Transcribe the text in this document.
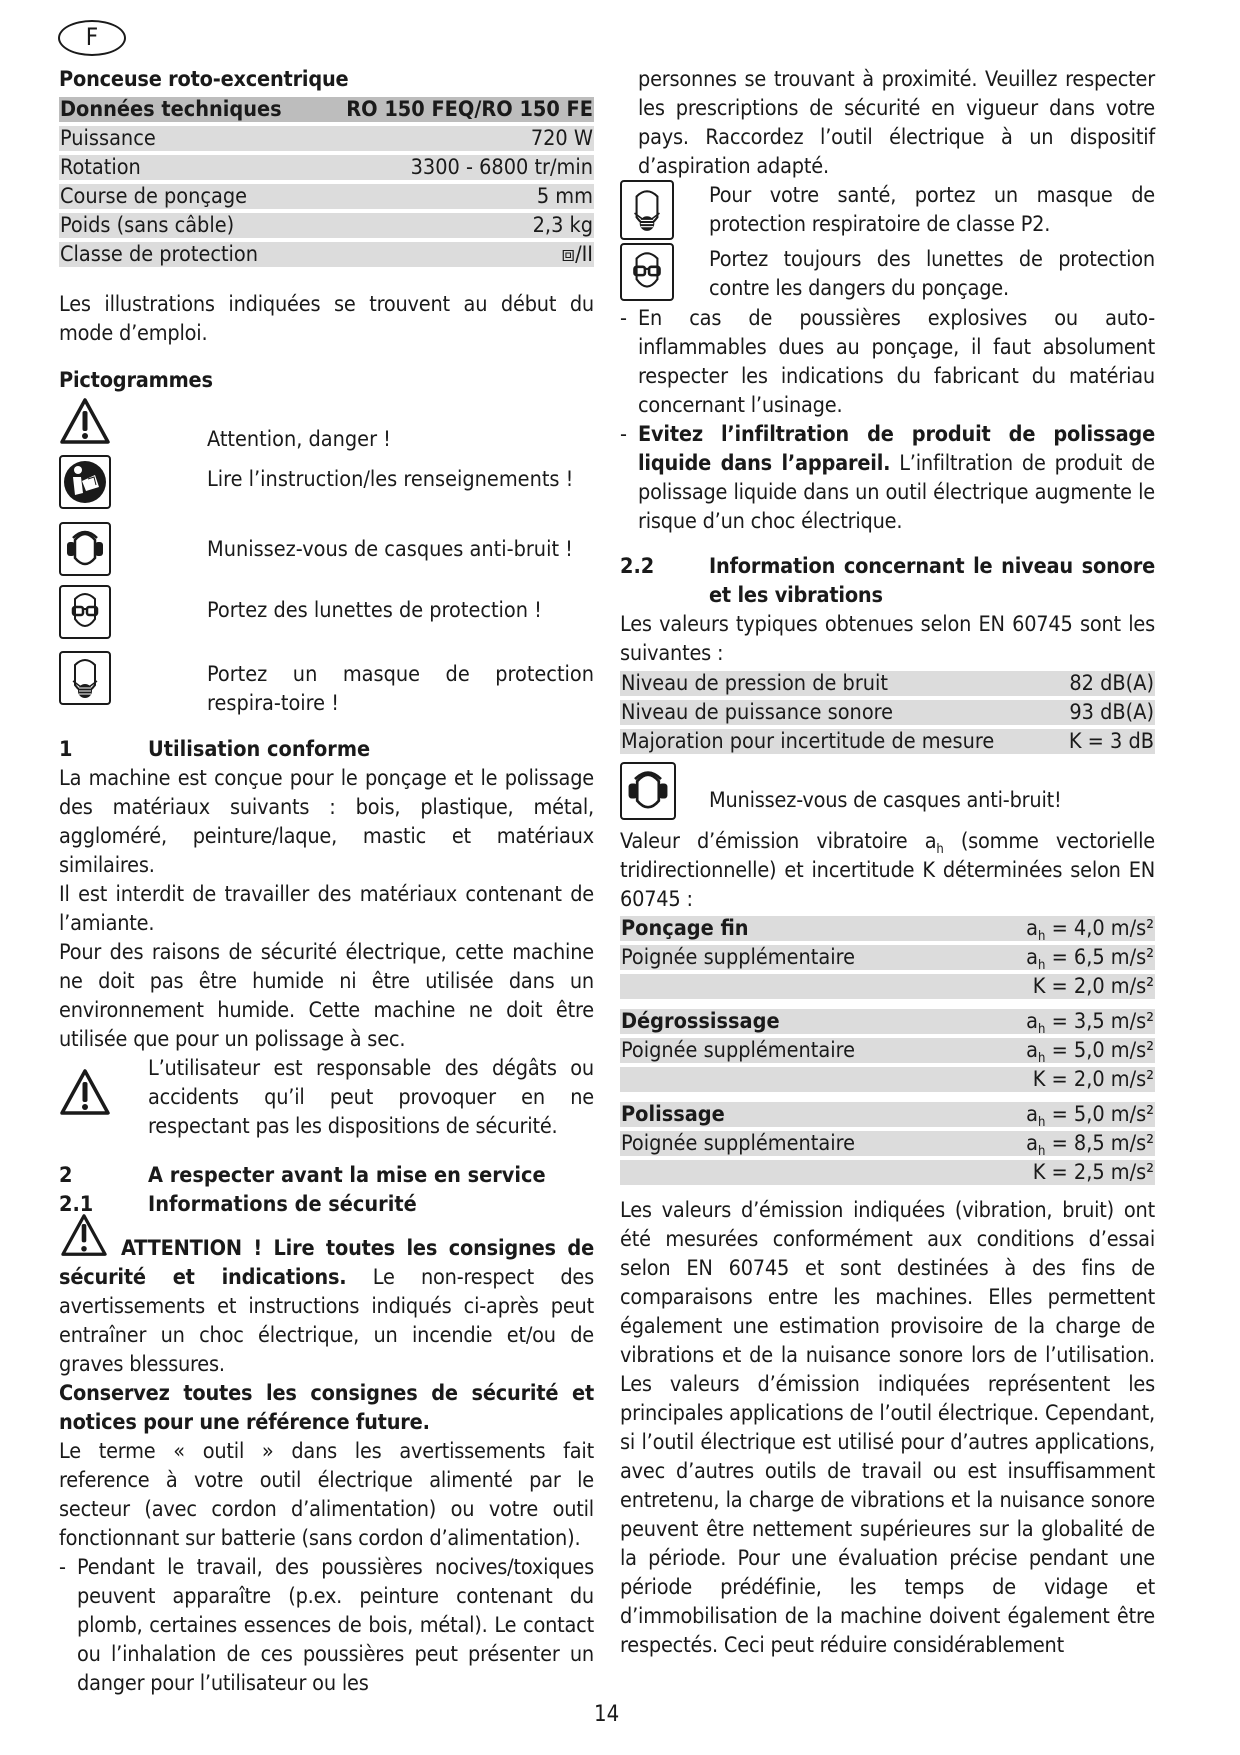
F
Ponceuse roto-excentrique
Données techniques	RO 150 FEQ/RO 150 FE
Puissance	720 W
Rotation	3300 - 6800 tr/min
Course de ponçage	5 mm
Poids (sans câble)	2,3 kg
Classe de protection	⧈/II

Les illustrations indiquées se trouvent au début du mode d’emploi.

Pictogrammes
Attention, danger !
Lire l’instruction/les renseignements !
Munissez-vous de casques anti-bruit !
Portez des lunettes de protection !
Portez un masque de protection respira-toire !
1	Utilisation conforme

La machine est conçue pour le ponçage et le polissage des matériaux suivants : bois, plastique, métal, aggloméré, peinture/laque, mastic et matériaux similaires.

Il est interdit de travailler des matériaux contenant de l’amiante.

Pour des raisons de sécurité électrique, cette machine ne doit pas être humide ni être utilisée dans un environnement humide. Cette machine ne doit être utilisée que pour un polissage à sec.

L’utilisateur est responsable des dégâts ou accidents qu’il peut provoquer en ne respectant pas les dispositions de sécurité.

2	A respecter avant la mise en service
2.1	Informations de sécurité

ATTENTION ! Lire toutes les consignes de sécurité et indications. Le non-respect des avertissements et instructions indiqués ci-après peut entraîner un choc électrique, un incendie et/ou de graves blessures.

Conservez toutes les consignes de sécurité et notices pour une référence future.

Le terme « outil » dans les avertissements fait reference à votre outil électrique alimenté par le secteur (avec cordon d’alimentation) ou votre outil fonctionnant sur batterie (sans cordon d’alimentation).

- Pendant le travail, des poussières nocives/toxiques peuvent apparaître (p.ex. peinture contenant du plomb, certaines essences de bois, métal). Le contact ou l’inhalation de ces poussières peut présenter un danger pour l’utilisateur ou les

personnes se trouvant à proximité. Veuillez respecter les prescriptions de sécurité en vigueur dans votre pays. Raccordez l’outil électrique à un dispositif d’aspiration adapté.

Pour votre santé, portez un masque de protection respiratoire de classe P2.

Portez toujours des lunettes de protection contre les dangers du ponçage.

- En cas de poussières explosives ou auto-inflammables dues au ponçage, il faut absolument respecter les indications du fabricant du matériau concernant l’usinage.

- Evitez l’infiltration de produit de polissage liquide dans l’appareil. L’infiltration de produit de polissage liquide dans un outil électrique augmente le risque d’un choc électrique.

2.2	Information concernant le niveau sonore et les vibrations

Les valeurs typiques obtenues selon EN 60745 sont les suivantes :

Niveau de pression de bruit	82 dB(A)
Niveau de puissance sonore	93 dB(A)
Majoration pour incertitude de mesure	K = 3 dB

Munissez-vous de casques anti-bruit!

Valeur d’émission vibratoire $a_h$ (somme vectorielle tridirectionnelle) et incertitude K déterminées selon EN 60745 :

Ponçage fin	$a_h = 4,0$ m/s²
Poignée supplémentaire	$a_h = 6,5$ m/s²
K = 2,0 m/s²
Dégrossissage	$a_h = 3,5$ m/s²
Poignée supplémentaire	$a_h = 5,0$ m/s²
K = 2,0 m/s²
Polissage	$a_h = 5,0$ m/s²
Poignée supplémentaire	$a_h = 8,5$ m/s²
K = 2,5 m/s²

Les valeurs d’émission indiquées (vibration, bruit) ont été mesurées conformément aux conditions d’essai selon EN 60745 et sont destinées à des fins de comparaisons entre les machines. Elles permettent également une estimation provisoire de la charge de vibrations et de la nuisance sonore lors de l’utilisation. Les valeurs d’émission indiquées représentent les principales applications de l’outil électrique. Cependant, si l’outil électrique est utilisé pour d’autres applications, avec d’autres outils de travail ou est insuffisamment entretenu, la charge de vibrations et la nuisance sonore peuvent être nettement supérieures sur la globalité de la période. Pour une évaluation précise pendant une période prédéfinie, les temps de vidage et d’immobilisation de la machine doivent également être respectés. Ceci peut réduire considérablement

14
